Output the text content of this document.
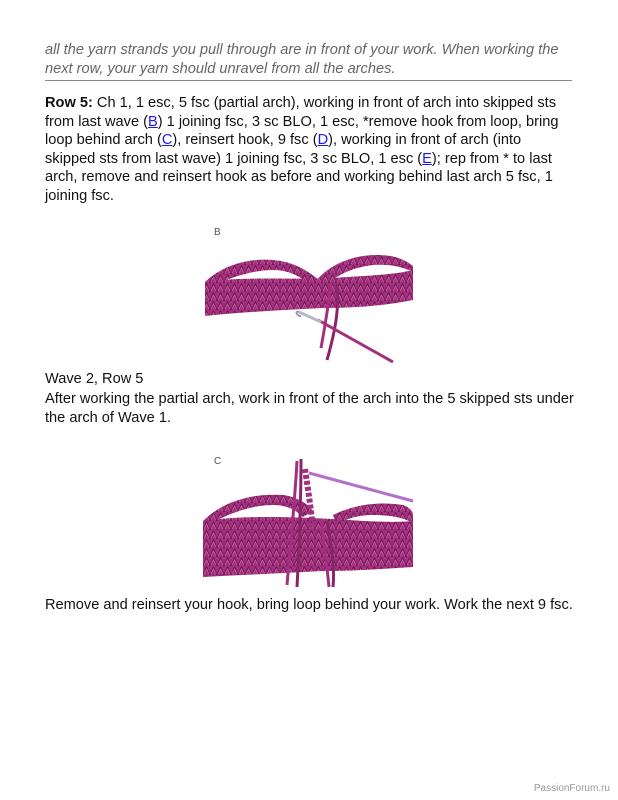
all the yarn strands you pull through are in front of your work. When working the next row, your yarn should unravel from all the arches.

Row 5: Ch 1, 1 esc, 5 fsc (partial arch), working in front of arch into skipped sts from last wave (B) 1 joining fsc, 3 sc BLO, 1 esc, *remove hook from loop, bring loop behind arch (C), reinsert hook, 9 fsc (D), working in front of arch (into skipped sts from last wave) 1 joining fsc, 3 sc BLO, 1 esc (E); rep from * to last arch, remove and reinsert hook as before and working behind last arch 5 fsc, 1 joining fsc.

B

Wave 2, Row 5

After working the partial arch, work in front of the arch into the 5 skipped sts under the arch of Wave 1.

C

Remove and reinsert your hook, bring loop behind your work. Work the next 9 fsc.

PassionForum.ru
